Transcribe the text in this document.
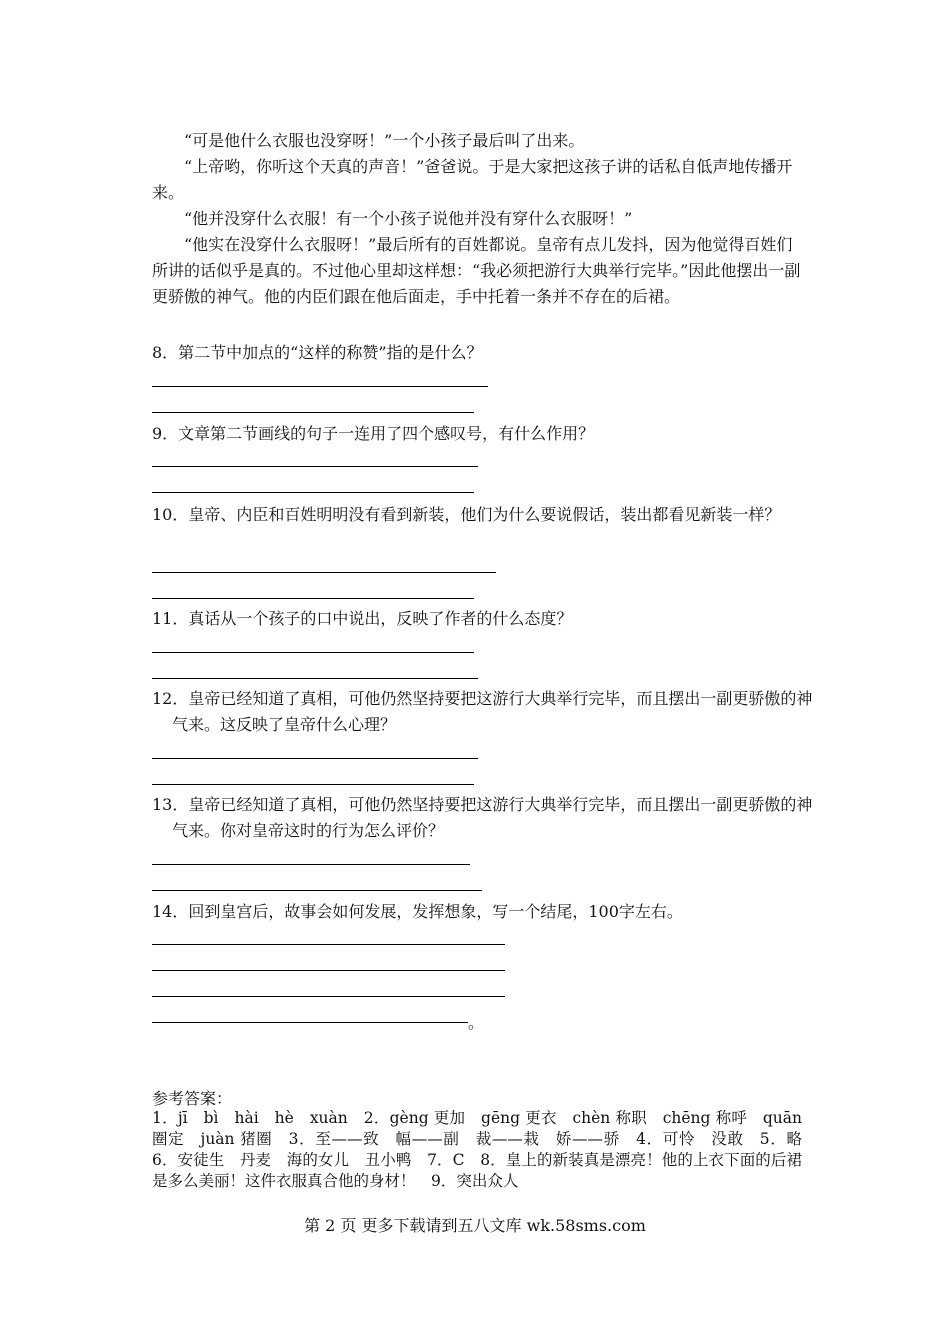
“可是他什么衣服也没穿呀！”一个小孩子最后叫了出来。
“上帝哟，你听这个天真的声音！”爸爸说。于是大家把这孩子讲的话私自低声地传播开来。
“他并没穿什么衣服！有一个小孩子说他并没有穿什么衣服呀！”
“他实在没穿什么衣服呀！”最后所有的百姓都说。皇帝有点儿发抖，因为他觉得百姓们所讲的话似乎是真的。不过他心里却这样想：“我必须把游行大典举行完毕。”因此他摆出一副更骄傲的神气。他的内臣们跟在他后面走，手中托着一条并不存在的后裙。
8．第二节中加点的“这样的称赞”指的是什么？
9．文章第二节画线的句子一连用了四个感叹号，有什么作用？
10．皇帝、内臣和百姓明明没有看到新装，他们为什么要说假话，装出都看见新装一样？
11．真话从一个孩子的口中说出，反映了作者的什么态度？
12．皇帝已经知道了真相，可他仍然坚持要把这游行大典举行完毕，而且摆出一副更骄傲的神气来。这反映了皇帝什么心理？
13．皇帝已经知道了真相，可他仍然坚持要把这游行大典举行完毕，而且摆出一副更骄傲的神气来。你对皇帝这时的行为怎么评价？
14．回到皇宫后，故事会如何发展，发挥想象，写一个结尾，100字左右。
。
参考答案：
1．jī　bì　hài　hè　xuàn　2．gèng 更加　gēng 更衣　chèn 称职　chēng 称呼　quān 圈定　juàn 猪圈　3．至——致　幅——副　裁——栽　娇——骄　4．可怜　没敢　5．略　6．安徒生　丹麦　海的女儿　丑小鸭　7．C　8．皇上的新装真是漂亮！他的上衣下面的后裙是多么美丽！这件衣服真合他的身材！　9．突出众人
第 2 页 更多下载请到五八文库 wk.58sms.com
